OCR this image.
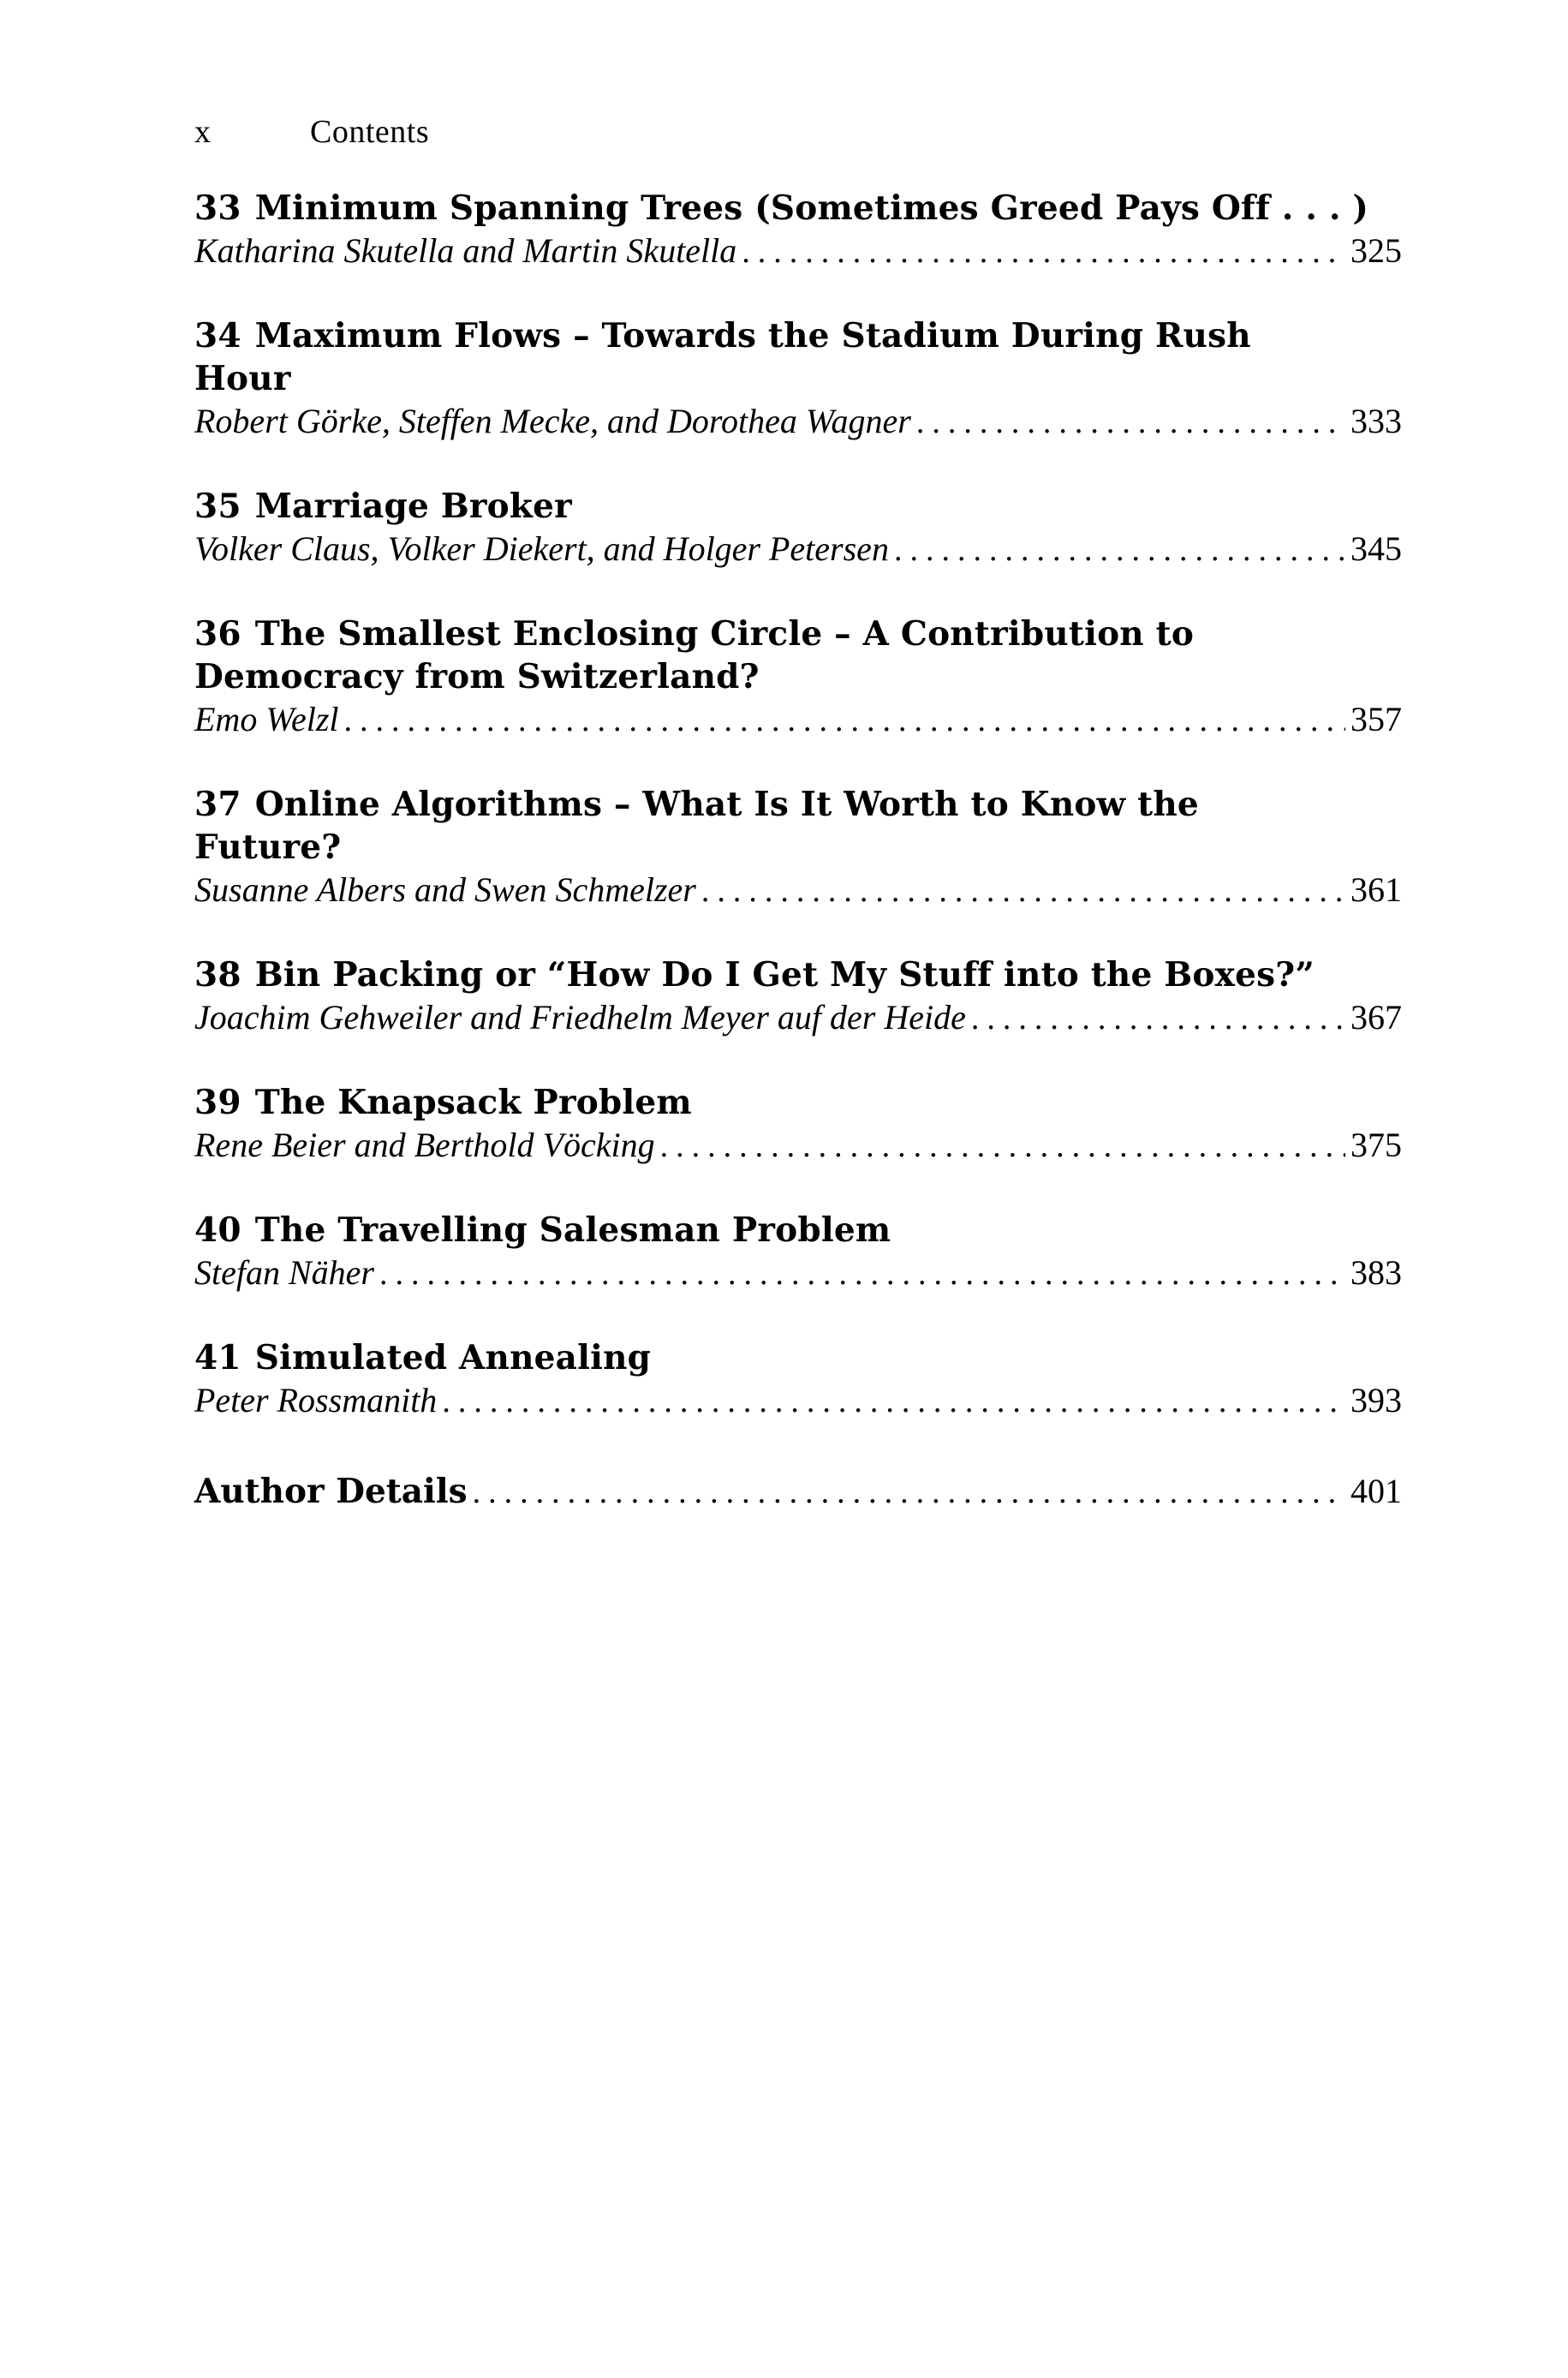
x	Contents
33 Minimum Spanning Trees (Sometimes Greed Pays Off . . . )
Katharina Skutella and Martin Skutella .....	325
34 Maximum Flows – Towards the Stadium During Rush Hour
Robert Görke, Steffen Mecke, and Dorothea Wagner .....	333
35 Marriage Broker
Volker Claus, Volker Diekert, and Holger Petersen .....	345
36 The Smallest Enclosing Circle – A Contribution to Democracy from Switzerland?
Emo Welzl .....	357
37 Online Algorithms – What Is It Worth to Know the Future?
Susanne Albers and Swen Schmelzer .....	361
38 Bin Packing or “How Do I Get My Stuff into the Boxes?”
Joachim Gehweiler and Friedhelm Meyer auf der Heide .....	367
39 The Knapsack Problem
Rene Beier and Berthold Vöcking .....	375
40 The Travelling Salesman Problem
Stefan Näher .....	383
41 Simulated Annealing
Peter Rossmanith .....	393
Author Details .....	401
